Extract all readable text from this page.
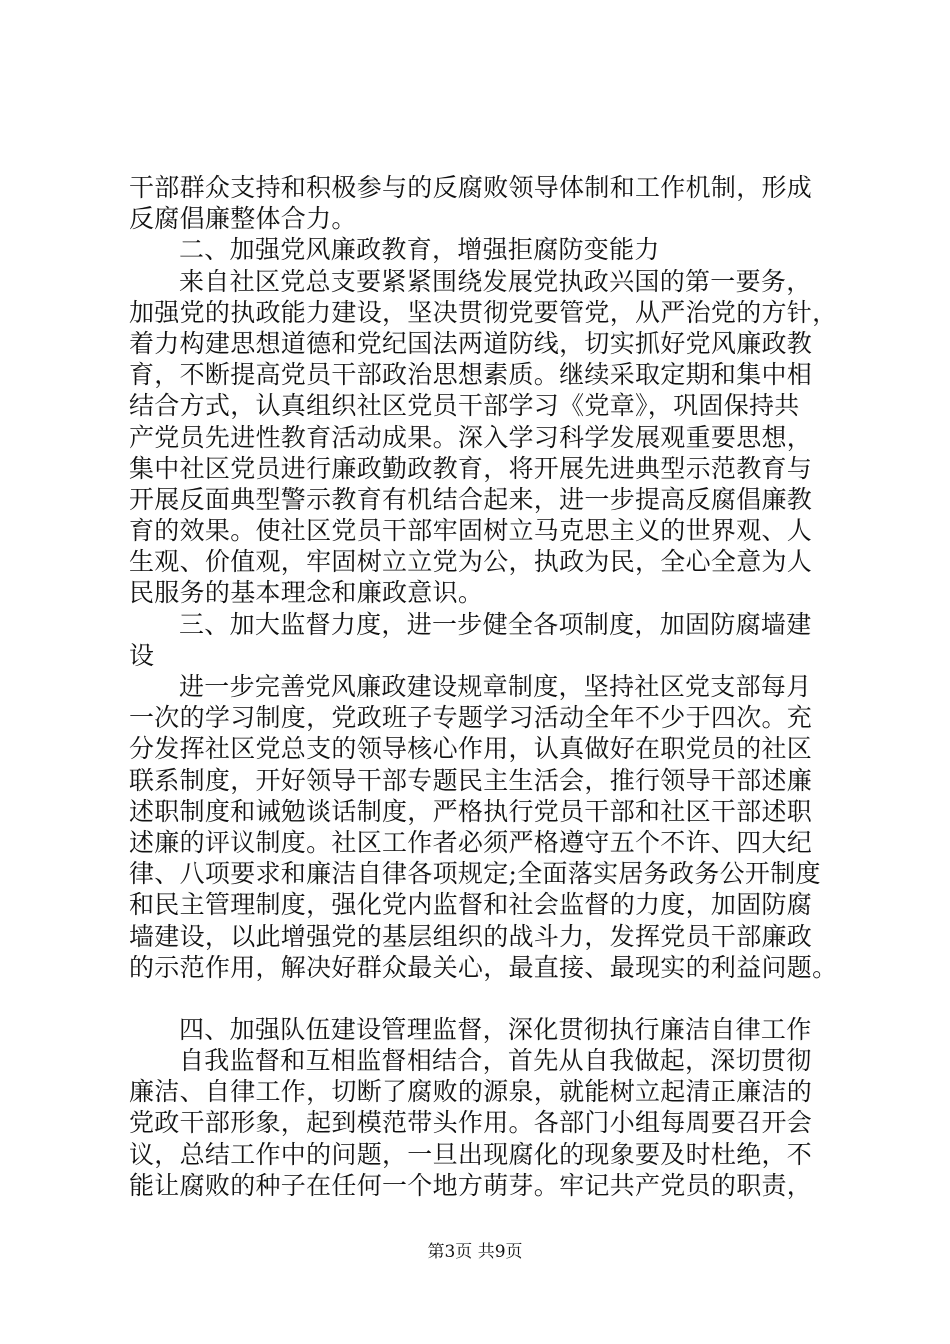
干部群众支持和积极参与的反腐败领导体制和工作机制，形成
反腐倡廉整体合力。
二、加强党风廉政教育，增强拒腐防变能力
来自社区党总支要紧紧围绕发展党执政兴国的第一要务，
加强党的执政能力建设，坚决贯彻党要管党，从严治党的方针，
着力构建思想道德和党纪国法两道防线，切实抓好党风廉政教
育，不断提高党员干部政治思想素质。继续采取定期和集中相
结合方式，认真组织社区党员干部学习《党章》，巩固保持共
产党员先进性教育活动成果。深入学习科学发展观重要思想，
集中社区党员进行廉政勤政教育，将开展先进典型示范教育与
开展反面典型警示教育有机结合起来，进一步提高反腐倡廉教
育的效果。使社区党员干部牢固树立马克思主义的世界观、人
生观、价值观，牢固树立立党为公，执政为民，全心全意为人
民服务的基本理念和廉政意识。
三、加大监督力度，进一步健全各项制度，加固防腐墙建
设
进一步完善党风廉政建设规章制度，坚持社区党支部每月
一次的学习制度，党政班子专题学习活动全年不少于四次。充
分发挥社区党总支的领导核心作用，认真做好在职党员的社区
联系制度，开好领导干部专题民主生活会，推行领导干部述廉
述职制度和诫勉谈话制度，严格执行党员干部和社区干部述职
述廉的评议制度。社区工作者必须严格遵守五个不许、四大纪
律、八项要求和廉洁自律各项规定;全面落实居务政务公开制度
和民主管理制度，强化党内监督和社会监督的力度，加固防腐
墙建设，以此增强党的基层组织的战斗力，发挥党员干部廉政
的示范作用，解决好群众最关心，最直接、最现实的利益问题。
四、加强队伍建设管理监督，深化贯彻执行廉洁自律工作
自我监督和互相监督相结合，首先从自我做起，深切贯彻
廉洁、自律工作，切断了腐败的源泉，就能树立起清正廉洁的
党政干部形象，起到模范带头作用。各部门小组每周要召开会
议，总结工作中的问题，一旦出现腐化的现象要及时杜绝，不
能让腐败的种子在任何一个地方萌芽。牢记共产党员的职责，
第3页 共9页
